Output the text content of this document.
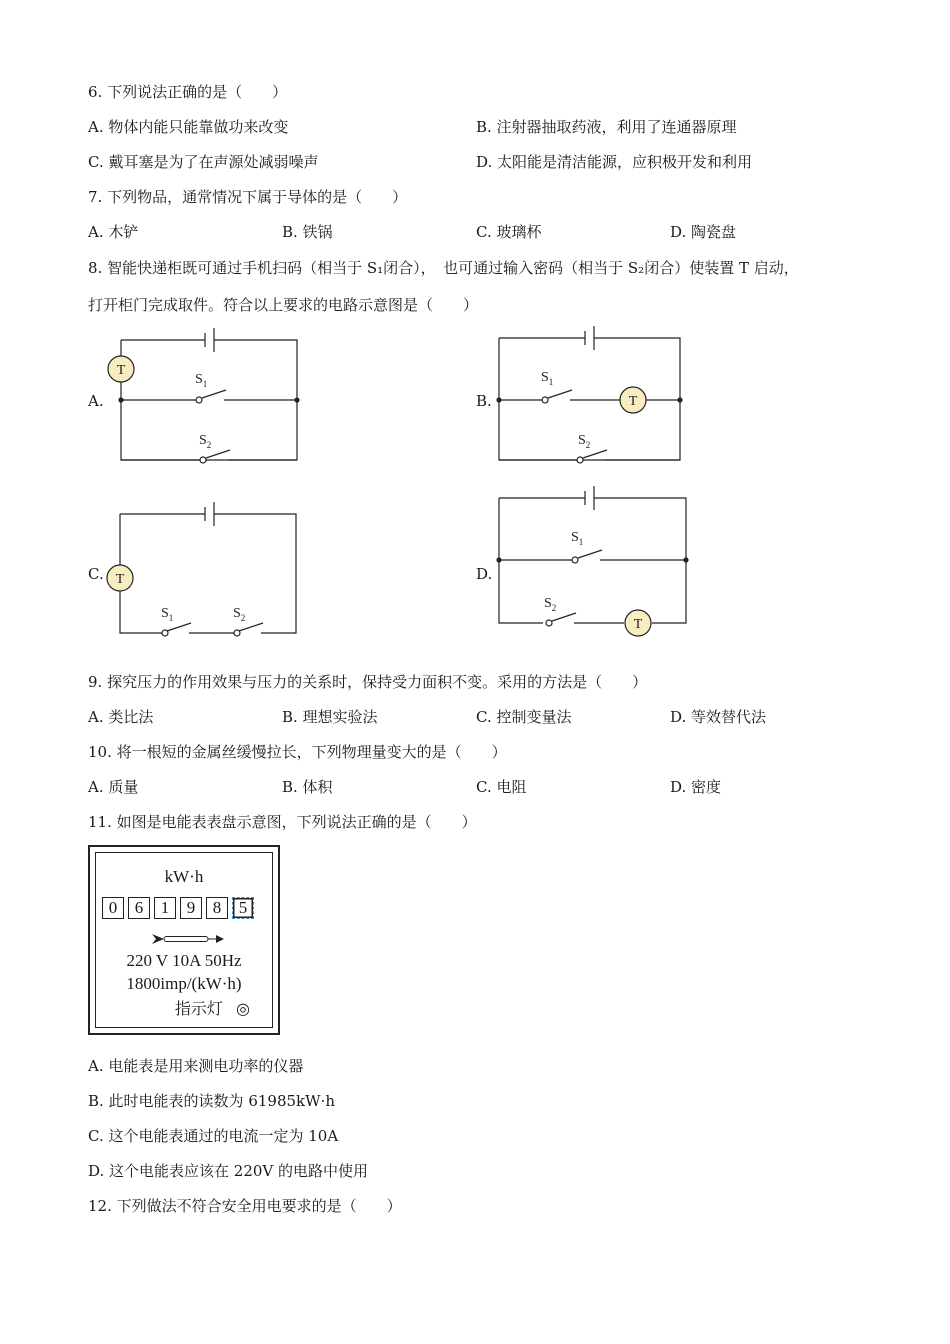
6. 下列说法正确的是（　　）
A. 物体内能只能靠做功来改变	B. 注射器抽取药液，利用了连通器原理
C. 戴耳塞是为了在声源处减弱噪声	D. 太阳能是清洁能源，应积极开发和利用
7. 下列物品，通常情况下属于导体的是（　　）
A. 木铲	B. 铁锅	C. 玻璃杯	D. 陶瓷盘
8. 智能快递柜既可通过手机扫码（相当于 S₁闭合），　也可通过输入密码（相当于 S₂闭合）使装置 T 启动，
打开柜门完成取件。符合以上要求的电路示意图是（　　）
A.
T
$S_1$
$S_2$
B.	T
$S_1$
$S_2$
C. T
$S_1$	$S_2$
D.
T
$S_1$
$S_2$
9. 探究压力的作用效果与压力的关系时，保持受力面积不变。采用的方法是（　　）
A. 类比法	B. 理想实验法	C. 控制变量法	D. 等效替代法
10. 将一根短的金属丝缓慢拉长，下列物理量变大的是（　　）
A. 质量	B. 体积	C. 电阻	D. 密度
11. 如图是电能表表盘示意图，下列说法正确的是（　　）
kW·h
0	6	1	9	8	5
220 V 10A 50Hz
1800imp/(kW·h)
指示灯 ◎
A. 电能表是用来测电功率的仪器
B. 此时电能表的读数为 61985kW·h
C. 这个电能表通过的电流一定为 10A
D. 这个电能表应该在 220V 的电路中使用
12. 下列做法不符合安全用电要求的是（　　）
